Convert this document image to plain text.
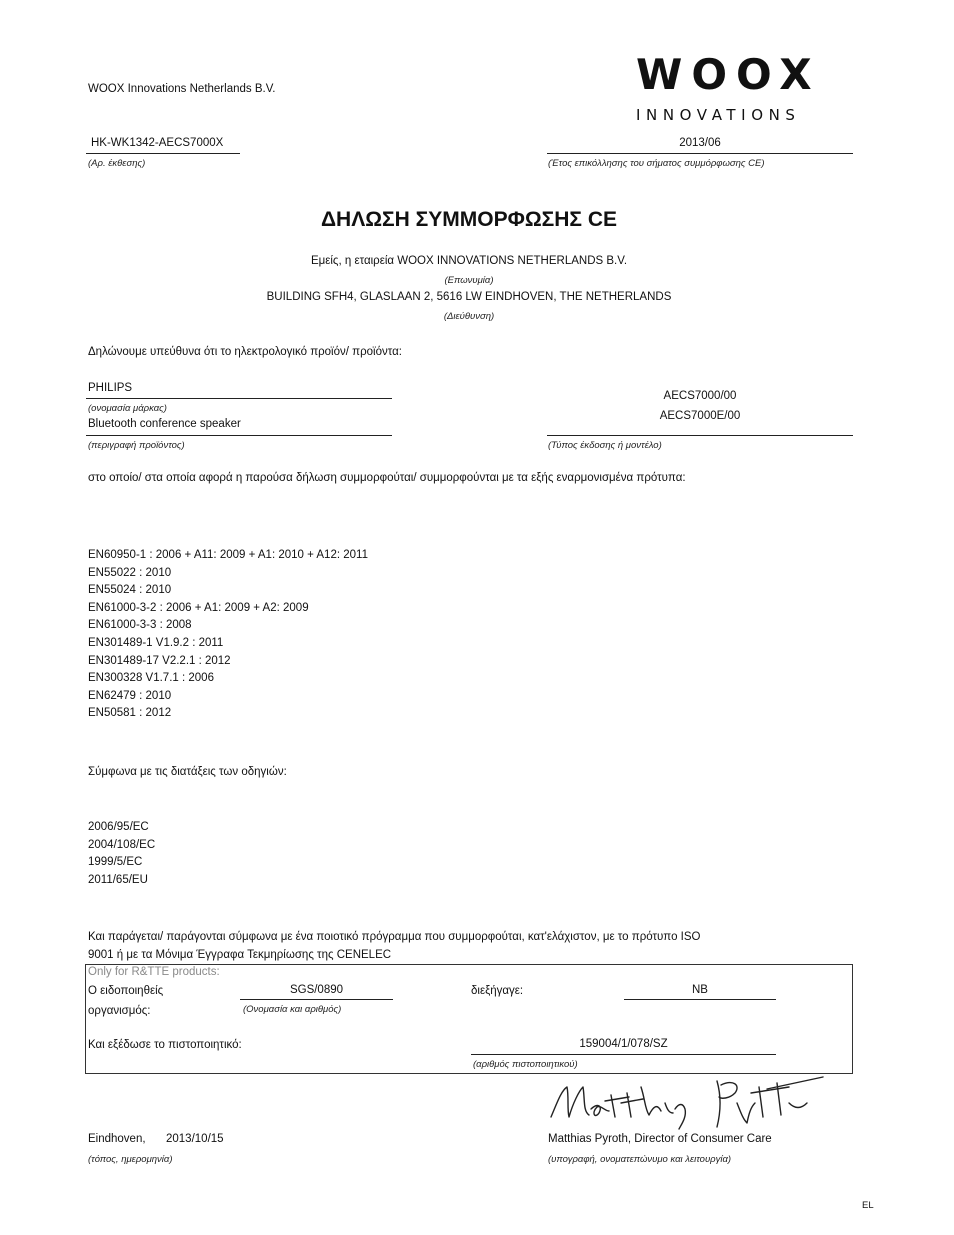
WOOX Innovations Netherlands B.V.	WOOX
INNOVATIONS
HK-WK1342-AECS7000X
(Αρ. έκθεσης)
2013/06
(Έτος επικόλλησης του σήματος συμμόρφωσης CE)
ΔΗΛΩΣΗ ΣΥΜΜΟΡΦΩΣΗΣ CE
Εμείς, η εταιρεία WOOX INNOVATIONS NETHERLANDS B.V.
(Επωνυμία)
BUILDING SFH4, GLASLAAN 2, 5616 LW EINDHOVEN, THE NETHERLANDS
(Διεύθυνση)
Δηλώνουμε υπεύθυνα ότι το ηλεκτρολογικό προϊόν/ προϊόντα:
PHILIPS
(ονομασία μάρκας)
Bluetooth conference speaker
(περιγραφή προϊόντος)
AECS7000/00
AECS7000E/00
(Τύπος έκδοσης ή μοντέλο)
στο οποίο/ στα οποία αφορά η παρούσα δήλωση συμμορφούται/ συμμορφούνται με τα εξής εναρμονισμένα πρότυπα:
EN60950-1 : 2006 + A11: 2009 + A1: 2010 + A12: 2011
EN55022 : 2010
EN55024 : 2010
EN61000-3-2 : 2006 + A1: 2009 + A2: 2009
EN61000-3-3 : 2008
EN301489-1 V1.9.2 : 2011
EN301489-17 V2.2.1 : 2012
EN300328 V1.7.1 : 2006
EN62479 : 2010
EN50581 : 2012
Σύμφωνα με τις διατάξεις των οδηγιών:
2006/95/EC
2004/108/EC
1999/5/EC
2011/65/EU
Και παράγεται/ παράγονται σύμφωνα με ένα ποιοτικό πρόγραμμα που συμμορφούται, κατ'ελάχιστον, με το πρότυπο ISO
9001 ή με τα Μόνιμα Έγγραφα Τεκμηρίωσης της CENELEC
Only for R&TTE products:
Ο ειδοποιηθείς
οργανισμός:
SGS/0890
(Ονομασία και αριθμός)
διεξήγαγε:	NB
Και εξέδωσε το πιστοποιητικό:	159004/1/078/SZ
(αριθμός πιστοποιητικού)
Eindhoven, 2013/10/15
(τόπος, ημερομηνία)
Matthias Pyroth, Director of Consumer Care
(υπογραφή, ονοματεπώνυμο και λειτουργία)
EL
